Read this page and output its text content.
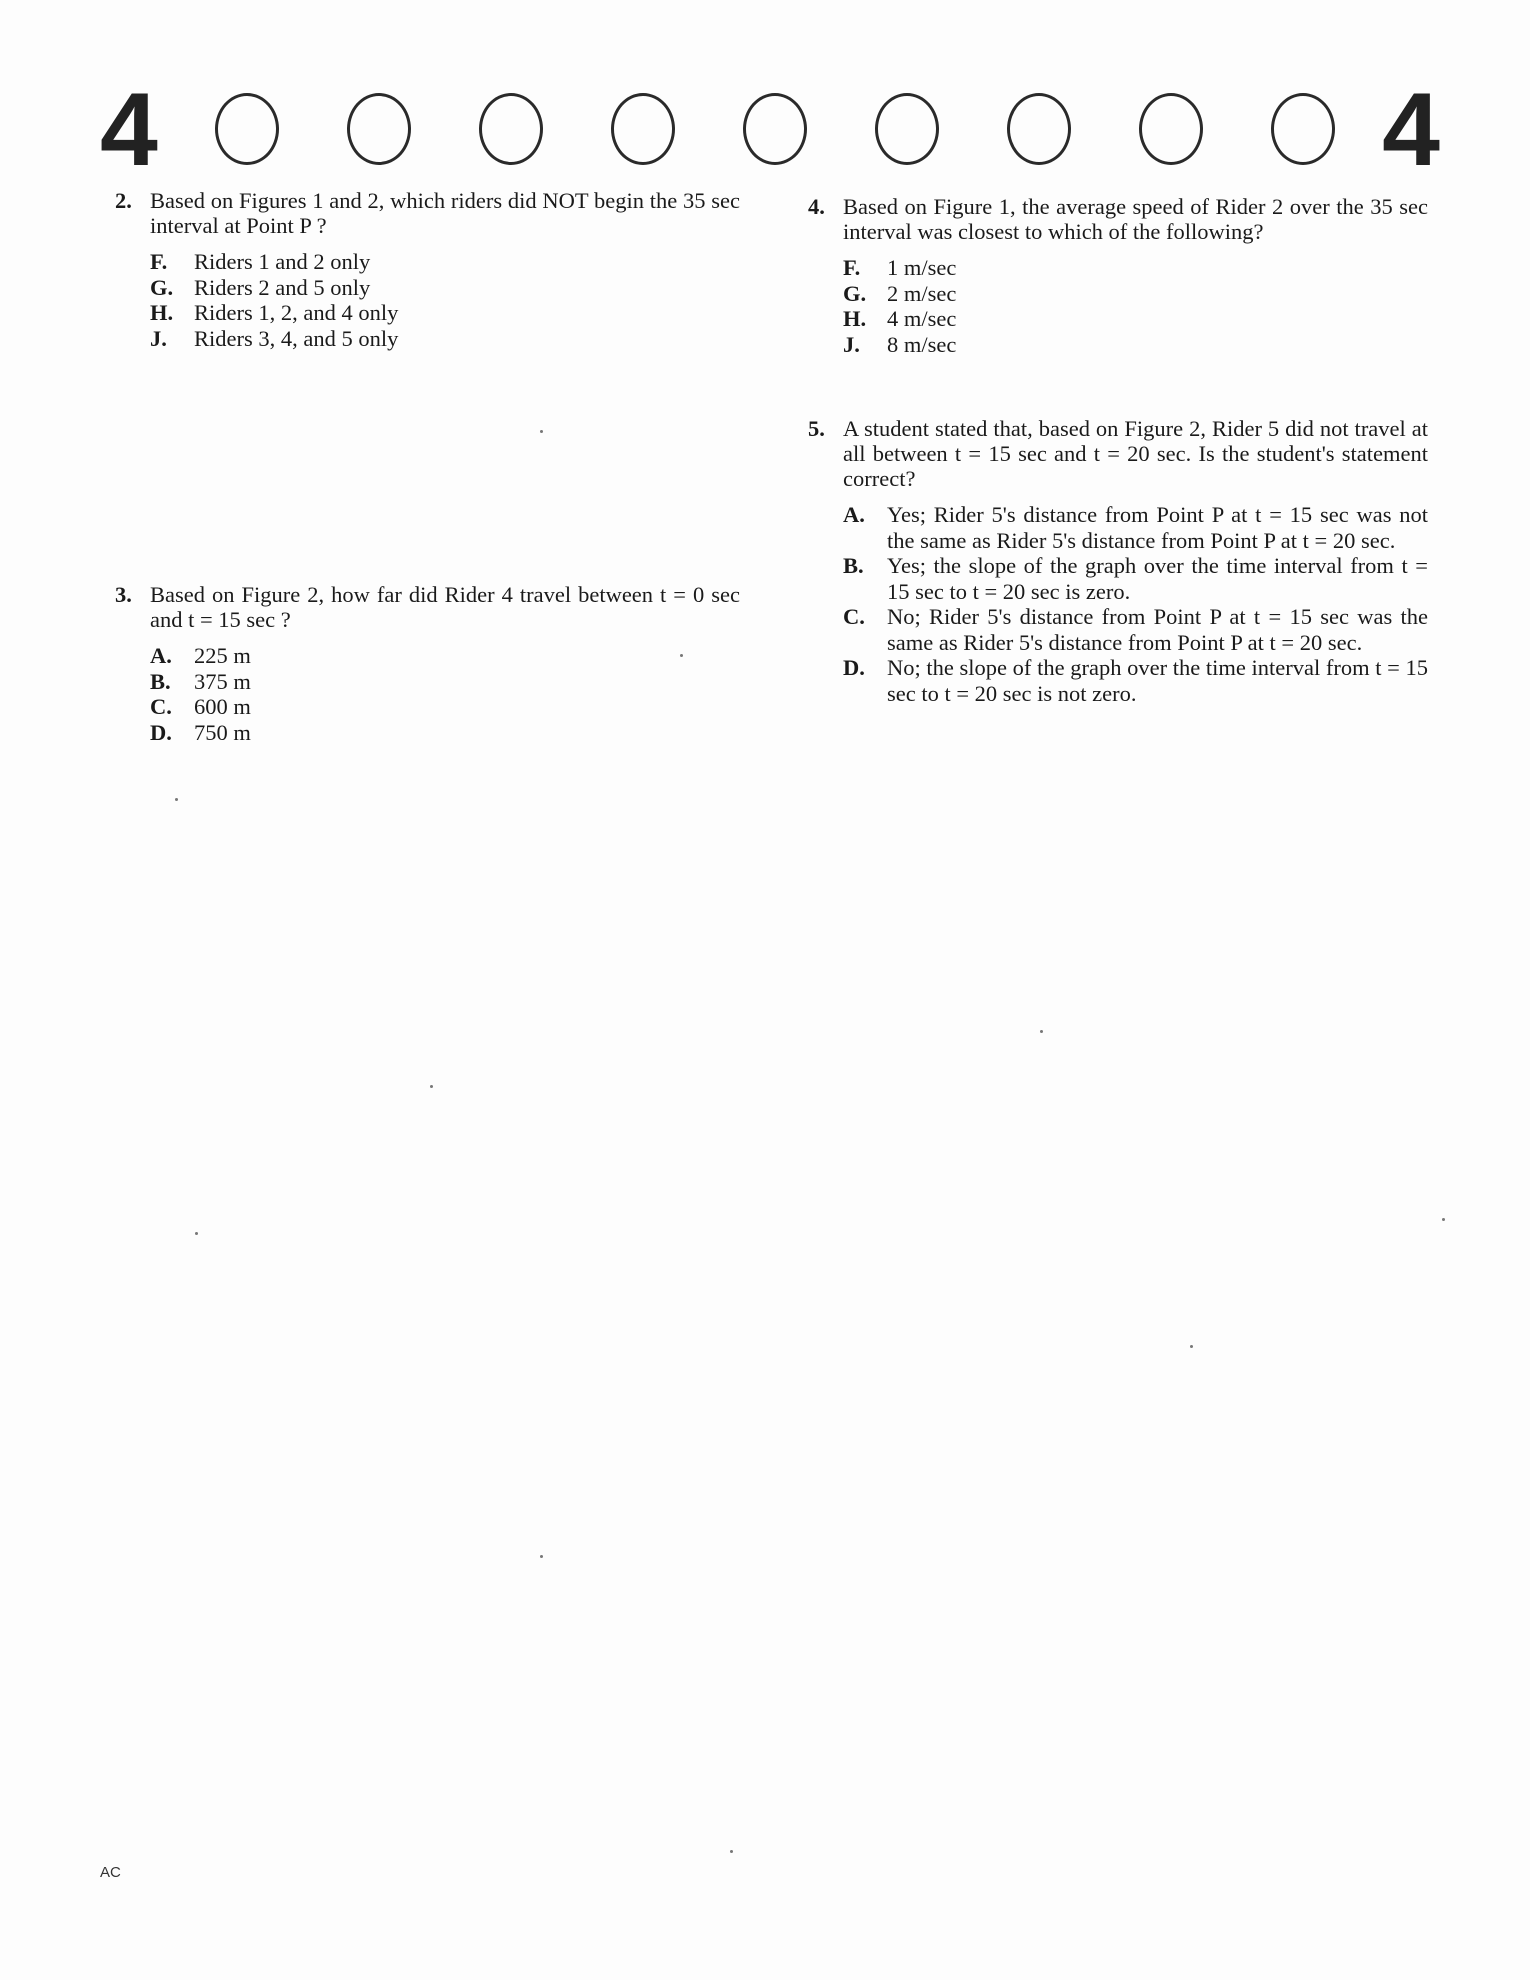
4	4
2. Based on Figures 1 and 2, which riders did NOT begin the 35 sec interval at Point P ?
F.	Riders 1 and 2 only
G. Riders 2 and 5 only
H. Riders 1, 2, and 4 only
J.	Riders 3, 4, and 5 only
3. Based on Figure 2, how far did Rider 4 travel between t = 0 sec and t = 15 sec ?
A. 225 m
B.	375 m
C. 600 m
D. 750 m
4. Based on Figure 1, the average speed of Rider 2 over the 35 sec interval was closest to which of the following?
F.	1 m/sec
G. 2 m/sec
H. 4 m/sec
J.	8 m/sec
5. A student stated that, based on Figure 2, Rider 5 did not travel at all between t = 15 sec and t = 20 sec. Is the student's statement correct?
A. Yes; Rider 5's distance from Point P at t = 15 sec was not the same as Rider 5's distance from Point P at t = 20 sec.
B.	Yes; the slope of the graph over the time interval from t = 15 sec to t = 20 sec is zero.
C. No; Rider 5's distance from Point P at t = 15 sec was the same as Rider 5's distance from Point P at t = 20 sec.
D. No; the slope of the graph over the time interval from t = 15 sec to t = 20 sec is not zero.
AC
